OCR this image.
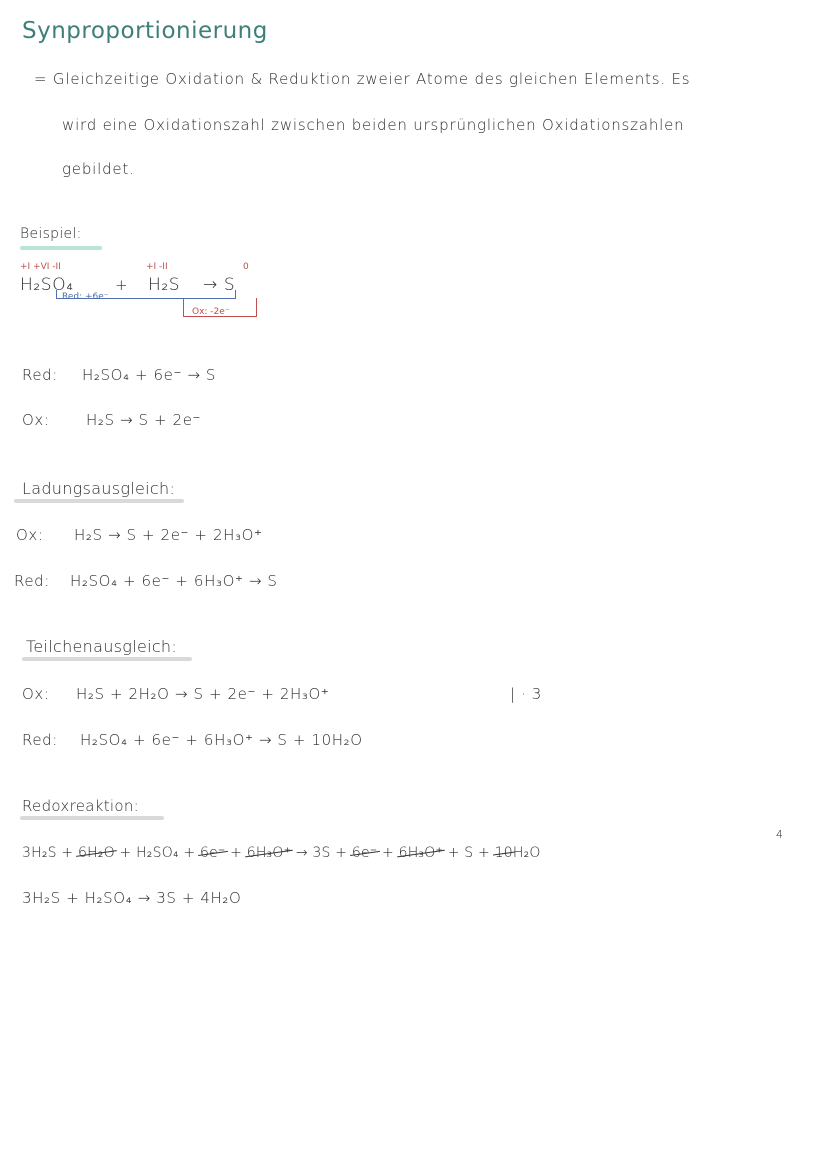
Synproportionierung
= Gleichzeitige Oxidation & Reduktion zweier Atome des gleichen Elements. Es
wird eine Oxidationszahl zwischen beiden ursprünglichen Oxidationszahlen
gebildet.
Beispiel:
+I +VI -II	+I -II	0
H₂SO₄	+ H₂S → S
Red: +6e⁻
Ox: -2e⁻
Red: H₂SO₄ + 6e⁻ → S
Ox: H₂S → S + 2e⁻
Ladungsausgleich:
Ox: H₂S → S + 2e⁻ + 2H₃O⁺
Red: H₂SO₄ + 6e⁻ + 6H₃O⁺ → S
Teilchenausgleich:
Ox: H₂S + 2H₂O → S + 2e⁻ + 2H₃O⁺	| · 3
Red: H₂SO₄ + 6e⁻ + 6H₃O⁺ → S + 10H₂O
Redoxreaktion:
3H₂S + 6H₂O + H₂SO₄ + 6e⁻ + 6H₃O⁺ → 3S + 6e⁻ + 6H₃O⁺ + S + 10H₂O
4
3H₂S + H₂SO₄ → 3S + 4H₂O
